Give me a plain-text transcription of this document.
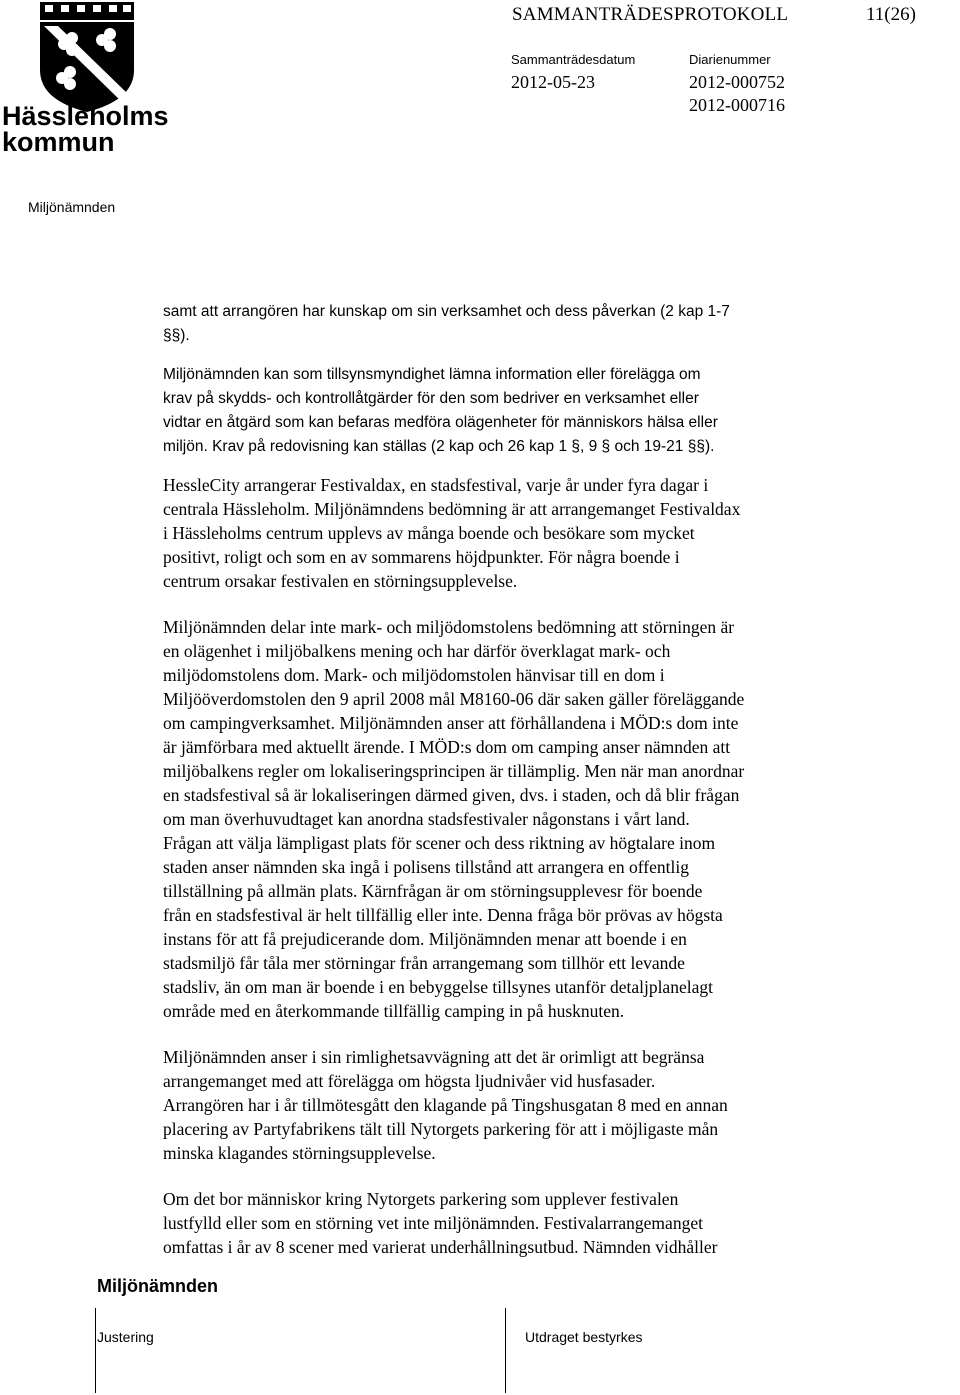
Hässleholms
kommun
SAMMANTRÄDESPROTOKOLL	11(26)
Sammanträdesdatum
2012-05-23
Diarienummer
2012-000752
2012-000716
Miljönämnden

samt att arrangören har kunskap om sin verksamhet och dess påverkan (2 kap 1-7
§§).

Miljönämnden kan som tillsynsmyndighet lämna information eller förelägga om
krav på skydds- och kontrollåtgärder för den som bedriver en verksamhet eller
vidtar en åtgärd som kan befaras medföra olägenheter för människors hälsa eller
miljön. Krav på redovisning kan ställas (2 kap och 26 kap 1 §, 9 § och 19-21 §§).

HessleCity arrangerar Festivaldax, en stadsfestival, varje år under fyra dagar i
centrala Hässleholm. Miljönämndens bedömning är att arrangemanget Festivaldax
i Hässleholms centrum upplevs av många boende och besökare som mycket
positivt, roligt och som en av sommarens höjdpunkter. För några boende i
centrum orsakar festivalen en störningsupplevelse.

Miljönämnden delar inte mark- och miljödomstolens bedömning att störningen är
en olägenhet i miljöbalkens mening och har därför överklagat mark- och
miljödomstolens dom. Mark- och miljödomstolen hänvisar till en dom i
Miljööverdomstolen den 9 april 2008 mål M8160-06 där saken gäller föreläggande
om campingverksamhet. Miljönämnden anser att förhållandena i MÖD:s dom inte
är jämförbara med aktuellt ärende. I MÖD:s dom om camping anser nämnden att
miljöbalkens regler om lokaliseringsprincipen är tillämplig. Men när man anordnar
en stadsfestival så är lokaliseringen därmed given, dvs. i staden, och då blir frågan
om man överhuvudtaget kan anordna stadsfestivaler någonstans i vårt land.
Frågan att välja lämpligast plats för scener och dess riktning av högtalare inom
staden anser nämnden ska ingå i polisens tillstånd att arrangera en offentlig
tillställning på allmän plats. Kärnfrågan är om störningsupplevesr för boende
från en stadsfestival är helt tillfällig eller inte. Denna fråga bör prövas av högsta
instans för att få prejudicerande dom. Miljönämnden menar att boende i en
stadsmiljö får tåla mer störningar från arrangemang som tillhör ett levande
stadsliv, än om man är boende i en bebyggelse tillsynes utanför detaljplanelagt
område med en återkommande tillfällig camping in på husknuten.

Miljönämnden anser i sin rimlighetsavvägning att det är orimligt att begränsa
arrangemanget med att förelägga om högsta ljudnivåer vid husfasader.
Arrangören har i år tillmötesgått den klagande på Tingshusgatan 8 med en annan
placering av Partyfabrikens tält till Nytorgets parkering för att i möjligaste mån
minska klagandes störningsupplevelse.

Om det bor människor kring Nytorgets parkering som upplever festivalen
lustfylld eller som en störning vet inte miljönämnden. Festivalarrangemanget
omfattas i år av 8 scener med varierat underhållningsutbud. Nämnden vidhåller

Miljönämnden
Justering	Utdraget bestyrkes
